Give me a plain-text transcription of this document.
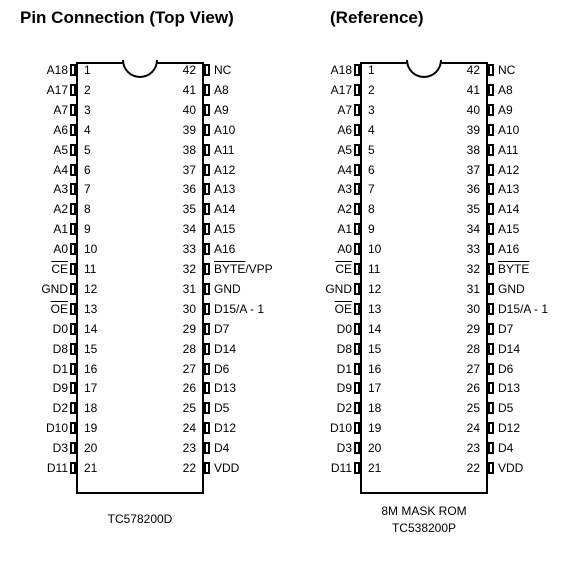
Pin Connection (Top View)	(Reference)
1
A18
2
A17
3
A7
4
A6
5
A5
6
A4
7
A3
8
A2
9
A1
10
A0
11
$\overline{CE}$
12
GND
13
$\overline{OE}$
14
D0
15
D8
16
D1
17
D9
18
D2
19
D10
20
D3
21
D11
42 NC
41 A8
40 A9
39 A10
38 A11
37 A12
36 A13
35 A14
34 A15
33 A16
32 BYTE/VPP
31 GND
30 D15/A - 1
29 D7
28 D14
27 D6
26 D13
25 D5
24 D12
23 D4
22 VDD
1
A18
2
A17
3
A7
4
A6
5
A5
6
A4
7
A3
8
A2
9
A1
10
A0
11
$\overline{CE}$
12
GND
13
$\overline{OE}$
14
D0
15
D8
16
D1
17
D9
18
D2
19
D10
20
D3
21
D11
42 NC
41 A8
40 A9
39 A10
38 A11
37 A12
36 A13
35 A14
34 A15
33 A16
32 BYTE
31 GND
30 D15/A - 1
29 D7
28 D14
27 D6
26 D13
25 D5
24 D12
23 D4
22 VDD
TC578200D
8M MASK ROM
TC538200P
